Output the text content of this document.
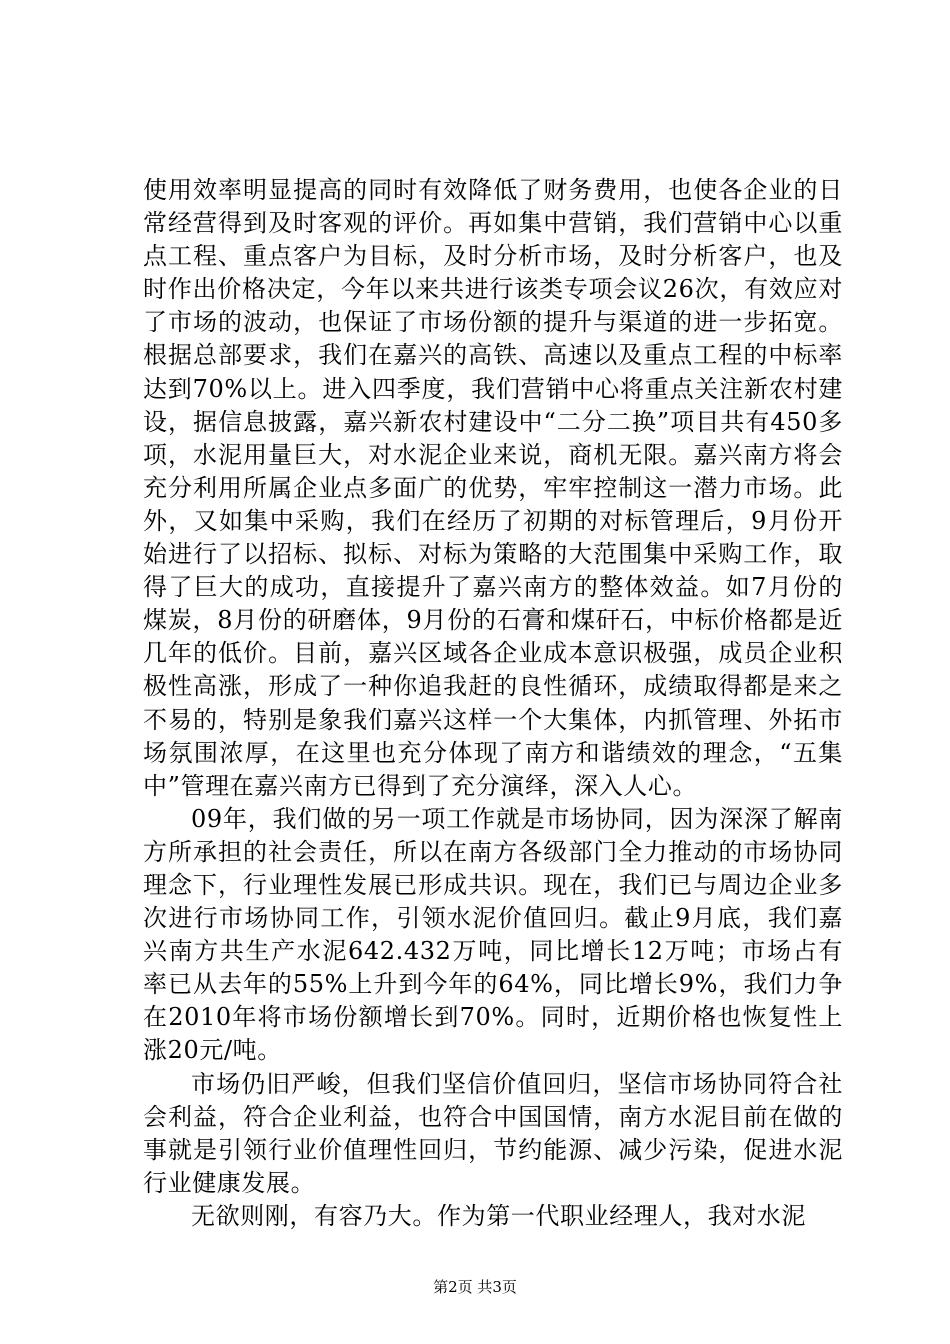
使用效率明显提高的同时有效降低了财务费用，也使各企业的日常经营得到及时客观的评价。再如集中营销，我们营销中心以重点工程、重点客户为目标，及时分析市场，及时分析客户，也及时作出价格决定，今年以来共进行该类专项会议26次，有效应对了市场的波动，也保证了市场份额的提升与渠道的进一步拓宽。根据总部要求，我们在嘉兴的高铁、高速以及重点工程的中标率达到70%以上。进入四季度，我们营销中心将重点关注新农村建设，据信息披露，嘉兴新农村建设中“二分二换”项目共有450多项，水泥用量巨大，对水泥企业来说，商机无限。嘉兴南方将会充分利用所属企业点多面广的优势，牢牢控制这一潜力市场。此外，又如集中采购，我们在经历了初期的对标管理后，9月份开始进行了以招标、拟标、对标为策略的大范围集中采购工作，取得了巨大的成功，直接提升了嘉兴南方的整体效益。如7月份的煤炭，8月份的研磨体，9月份的石膏和煤矸石，中标价格都是近几年的低价。目前，嘉兴区域各企业成本意识极强，成员企业积极性高涨，形成了一种你追我赶的良性循环，成绩取得都是来之不易的，特别是象我们嘉兴这样一个大集体，内抓管理、外拓市场氛围浓厚，在这里也充分体现了南方和谐绩效的理念，“五集中”管理在嘉兴南方已得到了充分演绎，深入人心。

09年，我们做的另一项工作就是市场协同，因为深深了解南方所承担的社会责任，所以在南方各级部门全力推动的市场协同理念下，行业理性发展已形成共识。现在，我们已与周边企业多次进行市场协同工作，引领水泥价值回归。截止9月底，我们嘉兴南方共生产水泥642.432万吨，同比增长12万吨；市场占有率已从去年的55%上升到今年的64%，同比增长9%，我们力争在2010年将市场份额增长到70%。同时，近期价格也恢复性上涨20元/吨。

市场仍旧严峻，但我们坚信价值回归，坚信市场协同符合社会利益，符合企业利益，也符合中国国情，南方水泥目前在做的事就是引领行业价值理性回归，节约能源、减少污染，促进水泥行业健康发展。

无欲则刚，有容乃大。作为第一代职业经理人，我对水泥

第2页 共3页
